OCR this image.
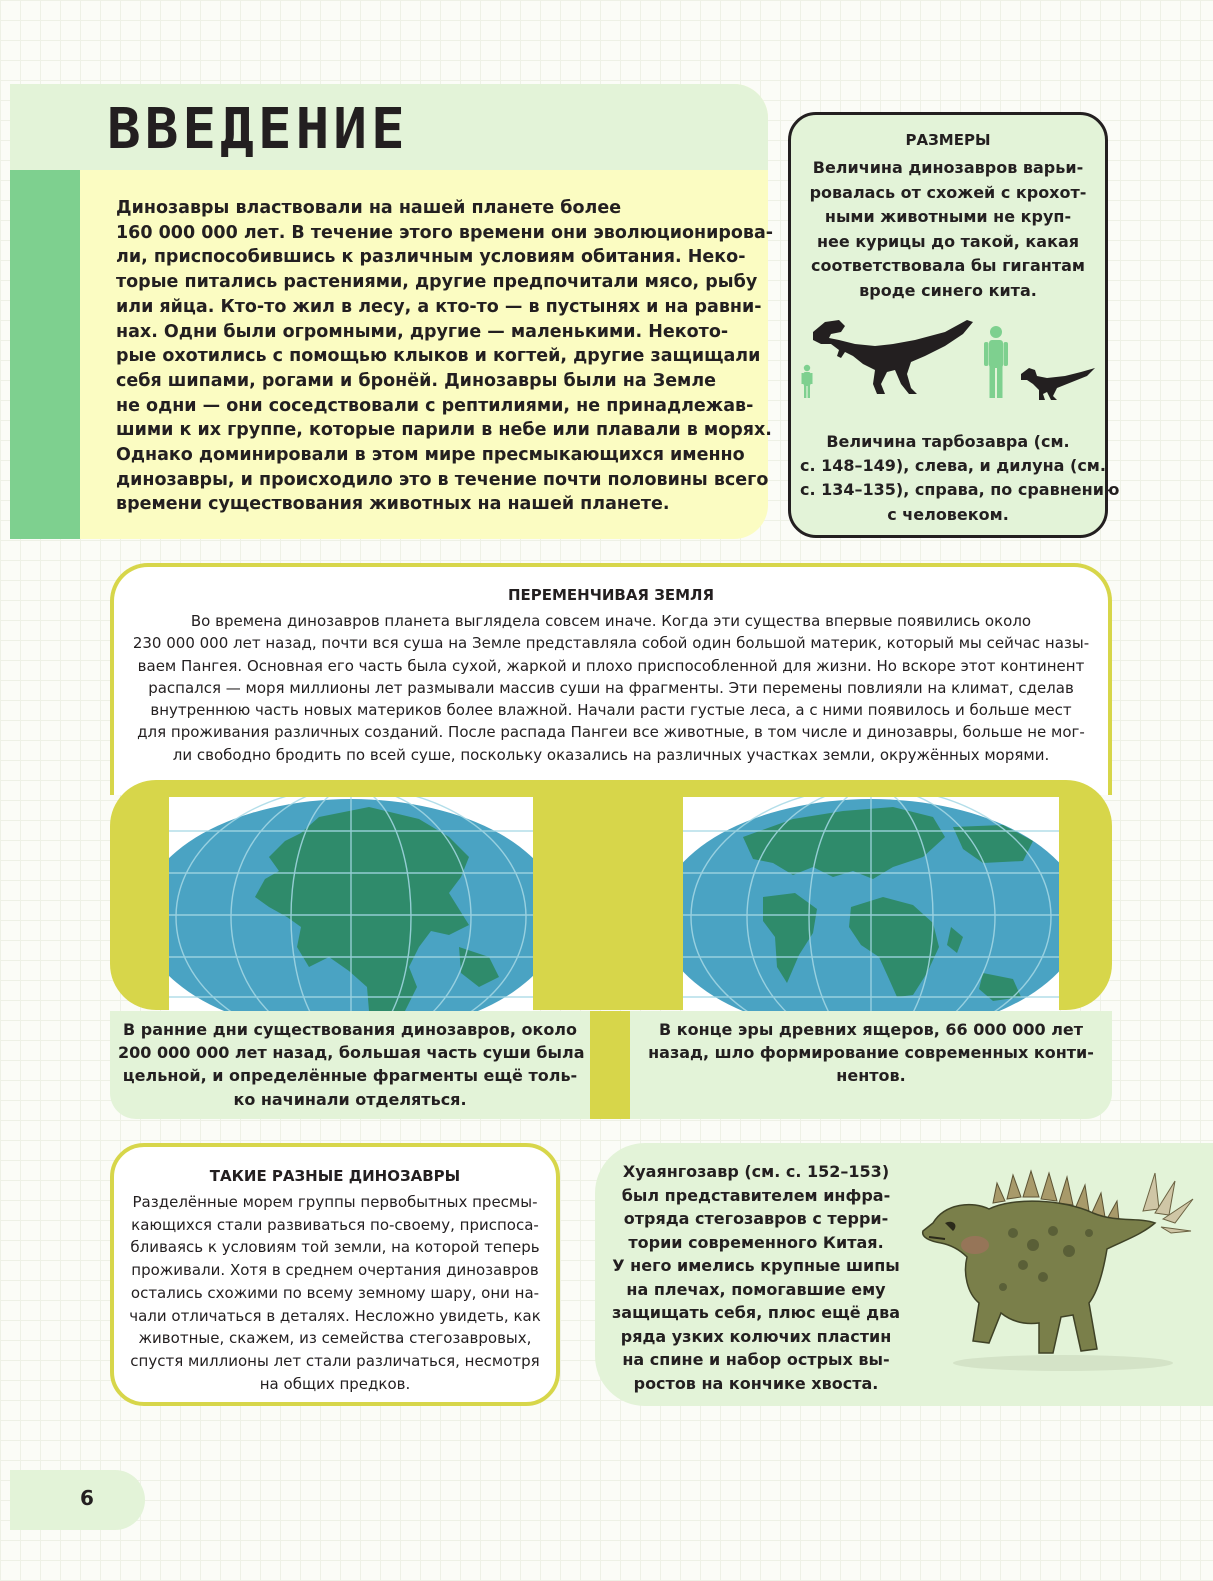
ВВЕДЕНИЕ
Динозавры властвовали на нашей планете более
160 000 000 лет. В течение этого времени они эволюционирова-
ли, приспособившись к различным условиям обитания. Неко-
торые питались растениями, другие предпочитали мясо, рыбу
или яйца. Кто-то жил в лесу, а кто-то — в пустынях и на равни-
нах. Одни были огромными, другие — маленькими. Некото-
рые охотились с помощью клыков и когтей, другие защищали
себя шипами, рогами и бронёй. Динозавры были на Земле
не одни — они соседствовали с рептилиями, не принадлежав-
шими к их группе, которые парили в небе или плавали в морях.
Однако доминировали в этом мире пресмыкающихся именно
динозавры, и происходило это в течение почти половины всего
времени существования животных на нашей планете.
РАЗМЕРЫ
Величина динозавров варьи-
ровалась от схожей с крохот-
ными животными не круп-
нее курицы до такой, какая
соответствовала бы гигантам
вроде синего кита.
Величина тарбозавра (см.
с. 148–149), слева, и дилуна (см.
с. 134–135), справа, по сравнению
с человеком.
ПЕРЕМЕНЧИВАЯ ЗЕМЛЯ
Во времена динозавров планета выглядела совсем иначе. Когда эти существа впервые появились около
230 000 000 лет назад, почти вся суша на Земле представляла собой один большой материк, который мы сейчас назы-
ваем Пангея. Основная его часть была сухой, жаркой и плохо приспособленной для жизни. Но вскоре этот континент
распался — моря миллионы лет размывали массив суши на фрагменты. Эти перемены повлияли на климат, сделав
внутреннюю часть новых материков более влажной. Начали расти густые леса, а с ними появилось и больше мест
для проживания различных созданий. После распада Пангеи все животные, в том числе и динозавры, больше не мог-
ли свободно бродить по всей суше, поскольку оказались на различных участках земли, окружённых морями.
В ранние дни существования динозавров, около
200 000 000 лет назад, большая часть суши была
цельной, и определённые фрагменты ещё толь-
ко начинали отделяться.
В конце эры древних ящеров, 66 000 000 лет
назад, шло формирование современных конти-
нентов.
ТАКИЕ РАЗНЫЕ ДИНОЗАВРЫ
Разделённые морем группы первобытных пресмы-
кающихся стали развиваться по-своему, приспоса-
бливаясь к условиям той земли, на которой теперь
проживали. Хотя в среднем очертания динозавров
остались схожими по всему земному шару, они на-
чали отличаться в деталях. Несложно увидеть, как
животные, скажем, из семейства стегозавровых,
спустя миллионы лет стали различаться, несмотря
на общих предков.
Хуаянгозавр (см. с. 152–153)
был представителем инфра-
отряда стегозавров с терри-
тории современного Китая.
У него имелись крупные шипы
на плечах, помогавшие ему
защищать себя, плюс ещё два
ряда узких колючих пластин
на спине и набор острых вы-
ростов на кончике хвоста.
6
